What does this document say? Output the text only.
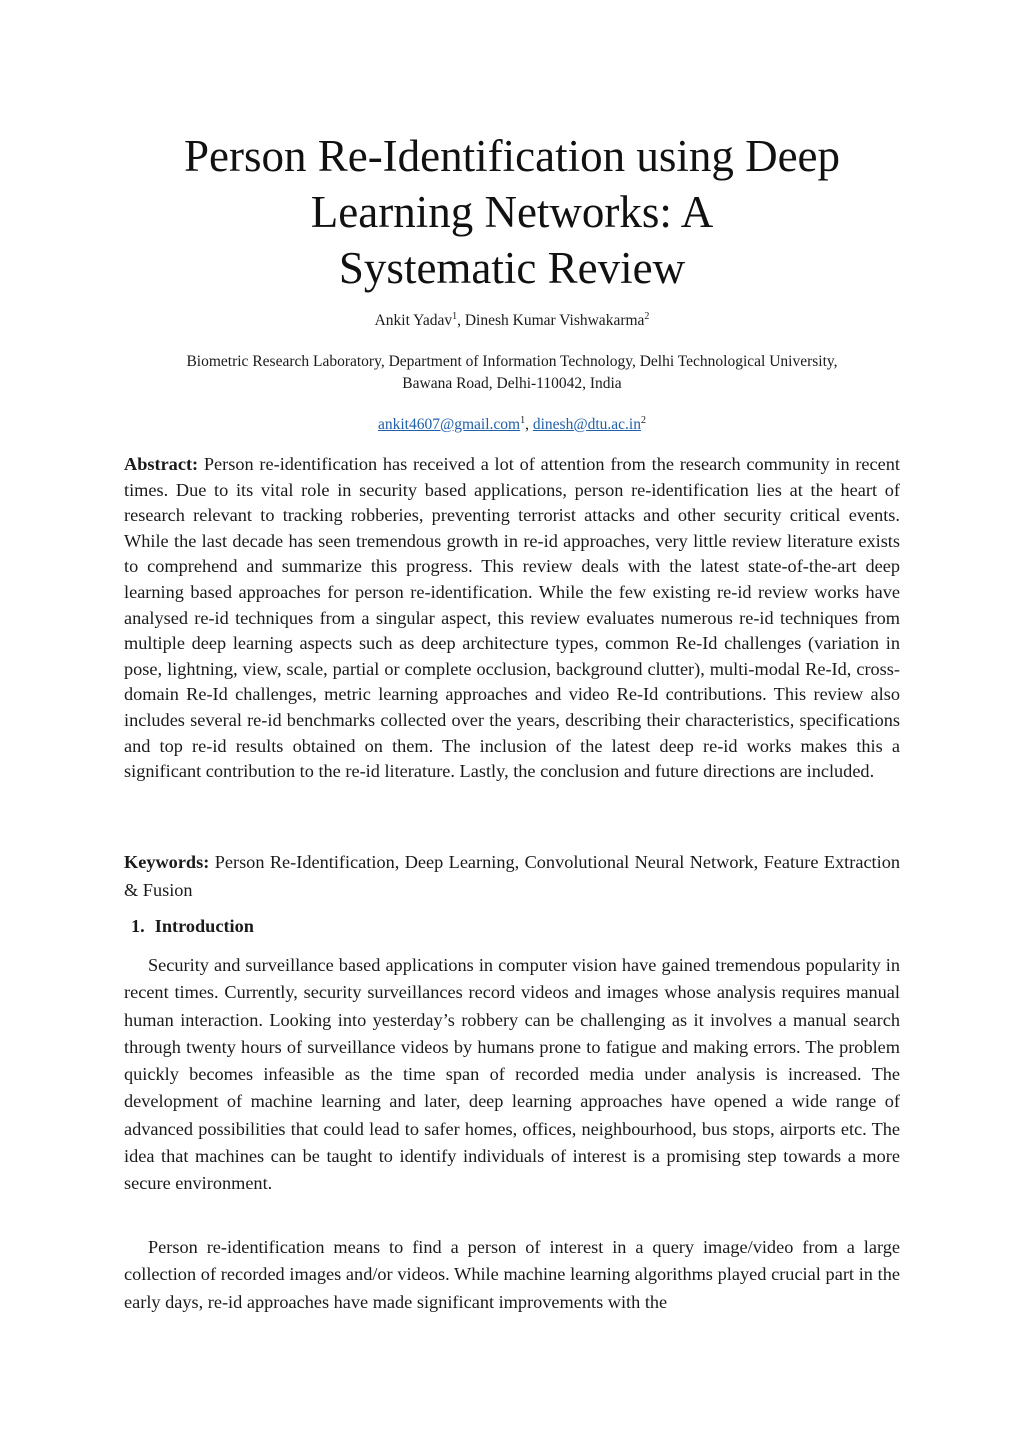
Person Re-Identification using Deep
Learning Networks: A
Systematic Review
Ankit Yadav$^1$, Dinesh Kumar Vishwakarma$^2$
Biometric Research Laboratory, Department of Information Technology, Delhi Technological University,
Bawana Road, Delhi-110042, India
ankit4607@gmail.com$^1$, $dinesh@dtu.ac.in^2$

Abstract: Person re-identification has received a lot of attention from the research community in recent times. Due to its vital role in security based applications, person re-identification lies at the heart of research relevant to tracking robberies, preventing terrorist attacks and other security critical events. While the last decade has seen tremendous growth in re-id approaches, very little review literature exists to comprehend and summarize this progress. This review deals with the latest state-of-the-art deep learning based approaches for person re-identification. While the few existing re-id review works have analysed re-id techniques from a singular aspect, this review evaluates numerous re-id techniques from multiple deep learning aspects such as deep architecture types, common Re-Id challenges (variation in pose, lightning, view, scale, partial or complete occlusion, background clutter), multi-modal Re-Id, cross-domain Re-Id challenges, metric learning approaches and video Re-Id contributions. This review also includes several re-id benchmarks collected over the years, describing their characteristics, specifications and top re-id results obtained on them. The inclusion of the latest deep re-id works makes this a significant contribution to the re-id literature. Lastly, the conclusion and future directions are included.

Keywords: Person Re-Identification, Deep Learning, Convolutional Neural Network, Feature Extraction & Fusion

1. Introduction

Security and surveillance based applications in computer vision have gained tremendous popularity in recent times. Currently, security surveillances record videos and images whose analysis requires manual human interaction. Looking into yesterday’s robbery can be challenging as it involves a manual search through twenty hours of surveillance videos by humans prone to fatigue and making errors. The problem quickly becomes infeasible as the time span of recorded media under analysis is increased. The development of machine learning and later, deep learning approaches have opened a wide range of advanced possibilities that could lead to safer homes, offices, neighbourhood, bus stops, airports etc. The idea that machines can be taught to identify individuals of interest is a promising step towards a more secure environment.

Person re-identification means to find a person of interest in a query image/video from a large collection of recorded images and/or videos. While machine learning algorithms played crucial part in the early days, re-id approaches have made significant improvements with the
